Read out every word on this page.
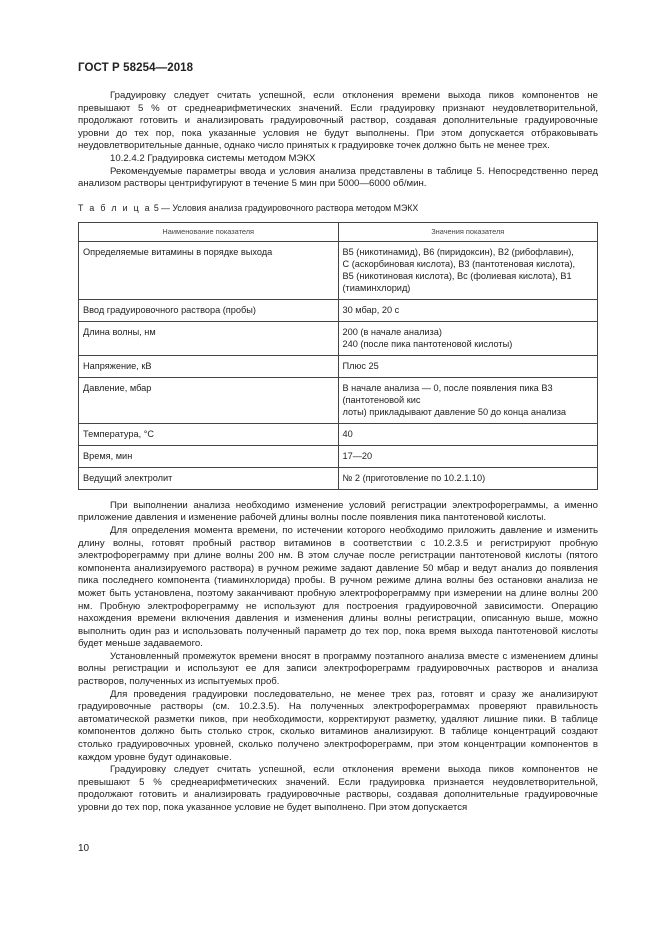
ГОСТ Р 58254—2018

Градуировку следует считать успешной, если отклонения времени выхода пиков компонентов не превышают 5 % от среднеарифметических значений. Если градуировку признают неудовлетворительной, продолжают готовить и анализировать градуировочный раствор, создавая дополнительные градуировочные уровни до тех пор, пока указанные условия не будут выполнены. При этом допускается отбраковывать неудовлетворительные данные, однако число принятых к градуировке точек должно быть не менее трех.

10.2.4.2 Градуировка системы методом МЭКХ

Рекомендуемые параметры ввода и условия анализа представлены в таблице 5. Непосредственно перед анализом растворы центрифугируют в течение 5 мин при 5000—6000 об/мин.

Т а б л и ц а 5 — Условия анализа градуировочного раствора методом МЭКХ
Наименование показателя	Значения показателя
Определяемые витамины в порядке выхода	B5 (никотинамид), B6 (пиридоксин), B2 (рибофлавин),
C (аскорбиновая кислота), B3 (пантотеновая кислота),
B5 (никотиновая кислота), Bc (фолиевая кислота), B1 (тиаминхлорид)

Ввод градуировочного раствора (пробы)	30 мбар, 20 с

Длина волны, нм	200 (в начале анализа)
240 (после пика пантотеновой кислоты)

Напряжение, кВ	Плюс 25

Давление, мбар	В начале анализа — 0, после появления пика B3 (пантотеновой кис
лоты) прикладывают давление 50 до конца анализа

Температура, °С	40

Время, мин	17—20

Ведущий электролит	№ 2 (приготовление по 10.2.1.10)

При выполнении анализа необходимо изменение условий регистрации электрофореграммы, а именно приложение давления и изменение рабочей длины волны после появления пика пантотеновой кислоты.

Для определения момента времени, по истечении которого необходимо приложить давление и изменить длину волны, готовят пробный раствор витаминов в соответствии с 10.2.3.5 и регистрируют пробную электрофореграмму при длине волны 200 нм. В этом случае после регистрации пантотеновой кислоты (пятого компонента анализируемого раствора) в ручном режиме задают давление 50 мбар и ведут анализ до появления пика последнего компонента (тиаминхлорида) пробы. В ручном режиме длина волны без остановки анализа не может быть установлена, поэтому заканчивают пробную электрофореграмму при измерении на длине волны 200 нм. Пробную электрофореграмму не используют для построения градуировочной зависимости. Операцию нахождения времени включения давления и изменения длины волны регистрации, описанную выше, можно выполнить один раз и использовать полученный параметр до тех пор, пока время выхода пантотеновой кислоты будет меньше задаваемого.

Установленный промежуток времени вносят в программу поэтапного анализа вместе с изменением длины волны регистрации и используют ее для записи электрофореграмм градуировочных растворов и анализа растворов, полученных из испытуемых проб.

Для проведения градуировки последовательно, не менее трех раз, готовят и сразу же анализируют градуировочные растворы (см. 10.2.3.5). На полученных электрофореграммах проверяют правильность автоматической разметки пиков, при необходимости, корректируют разметку, удаляют лишние пики. В таблице компонентов должно быть столько строк, сколько витаминов анализируют. В таблице концентраций создают столько градуировочных уровней, сколько получено электрофореграмм, при этом концентрации компонентов в каждом уровне будут одинаковые.

Градуировку следует считать успешной, если отклонения времени выхода пиков компонентов не превышают 5 % среднеарифметических значений. Если градуировка признается неудовлетворительной, продолжают готовить и анализировать градуировочные растворы, создавая дополнительные градуировочные уровни до тех пор, пока указанное условие не будет выполнено. При этом допускается

10
